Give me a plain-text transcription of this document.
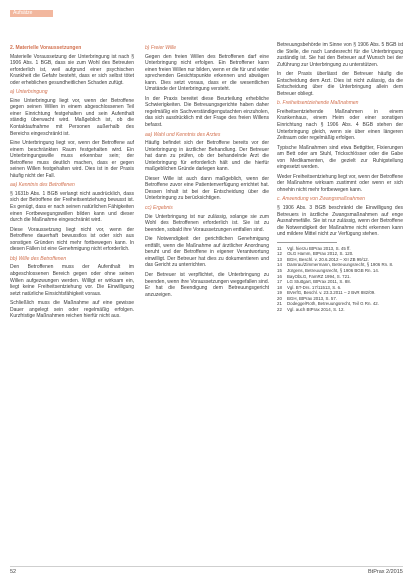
Aufsätze
2. Materielle Voraussetzungen

Materielle Voraussetzung der Unterbringung ist nach § 1906 Abs. 1 BGB, dass sie zum Wohl des Betreuten erforderlich ist, weil aufgrund einer psychischen Krankheit die Gefahr besteht, dass er sich selbst tötet oder erheblichen gesundheitlichen Schaden zufügt.

a) Unterbringung

Eine Unterbringung liegt vor, wenn der Betroffene gegen seinen Willen in einem abgeschlossenen Teil einer Einrichtung festgehalten und sein Aufenthalt ständig überwacht wird. Maßgeblich ist, ob die Kontaktaufnahme mit Personen außerhalb des Bereichs eingeschränkt ist.

Eine Unterbringung liegt vor, wenn der Betroffene auf einem beschränkten Raum festgehalten wird. Ein Unterbringungswille muss erkennbar sein; der Betroffene muss deutlich machen, dass er gegen seinen Willen festgehalten wird. Dies ist in der Praxis häufig nicht der Fall.

aa) Kenntnis des Betroffenen

§ 1631b Abs. 1 BGB verlangt nicht ausdrücklich, dass sich der Betroffene der Freiheitsentziehung bewusst ist. Es genügt, dass er nach seinen natürlichen Fähigkeiten einen Fortbewegungswillen bilden kann und dieser durch die Maßnahme eingeschränkt wird.

Diese Voraussetzung liegt nicht vor, wenn der Betroffene dauerhaft bewusstlos ist oder sich aus sonstigen Gründen nicht mehr fortbewegen kann. In diesen Fällen ist eine Genehmigung nicht erforderlich.

bb) Wille des Betroffenen

Den Betroffenen muss der Aufenthalt im abgeschlossenen Bereich gegen oder ohne seinen Willen aufgezwungen werden. Willigt er wirksam ein, liegt keine Freiheitsentziehung vor. Die Einwilligung setzt natürliche Einsichtsfähigkeit voraus.

Schließlich muss die Maßnahme auf eine gewisse Dauer angelegt sein oder regelmäßig erfolgen. Kurzfristige Maßnahmen reichen hierfür nicht aus.

b) Freier Wille

Gegen den freien Willen des Betroffenen darf eine Unterbringung nicht erfolgen. Ein Betroffener kann einen freien Willen nur bilden, wenn er die für und wider sprechenden Gesichtspunkte erkennen und abwägen kann. Dies setzt voraus, dass er die wesentlichen Umstände der Unterbringung versteht.

In der Praxis bereitet diese Beurteilung erhebliche Schwierigkeiten. Die Betreuungsgerichte haben daher regelmäßig ein Sachverständigengutachten einzuholen, das sich ausdrücklich mit der Frage des freien Willens befasst.

aa) Wahl und Kenntnis des Arztes

Häufig befindet sich der Betroffene bereits vor der Unterbringung in ärztlicher Behandlung. Der Betreuer hat dann zu prüfen, ob der behandelnde Arzt die Unterbringung für erforderlich hält und die hierfür maßgeblichen Gründe darlegen kann.

Dieser Wille ist auch dann maßgeblich, wenn der Betroffene zuvor eine Patientenverfügung errichtet hat. Dessen Inhalt ist bei der Entscheidung über die Unterbringung zu berücksichtigen.

cc) Ergebnis

Die Unterbringung ist nur zulässig, solange sie zum Wohl des Betroffenen erforderlich ist. Sie ist zu beenden, sobald ihre Voraussetzungen entfallen sind.

Die Notwendigkeit der gerichtlichen Genehmigung entfällt, wenn die Maßnahme auf ärztlicher Anordnung beruht und der Betroffene in eigener Verantwortung einwilligt. Der Betreuer hat dies zu dokumentieren und das Gericht zu unterrichten.

Der Betreuer ist verpflichtet, die Unterbringung zu beenden, wenn ihre Voraussetzungen weggefallen sind. Er hat die Beendigung dem Betreuungsgericht anzuzeigen.

Betreuungsbehörde im Sinne von § 1906 Abs. 5 BGB ist die Stelle, die nach Landesrecht für die Unterbringung zuständig ist. Sie hat den Betreuer auf Wunsch bei der Zuführung zur Unterbringung zu unterstützen.

In der Praxis überlässt der Betreuer häufig die Entscheidung dem Arzt. Dies ist nicht zulässig, da die Entscheidung über die Unterbringung allein dem Betreuer obliegt.

b. Freiheitsentziehende Maßnahmen

Freiheitsentziehende Maßnahmen in einem Krankenhaus, einem Heim oder einer sonstigen Einrichtung nach § 1906 Abs. 4 BGB stehen der Unterbringung gleich, wenn sie über einen längeren Zeitraum oder regelmäßig erfolgen.

Typische Maßnahmen sind etwa Bettgitter, Fixierungen am Bett oder am Stuhl, Trickschlösser oder die Gabe von Medikamenten, die gezielt zur Ruhigstellung eingesetzt werden.

Weder Freiheitsentziehung liegt vor, wenn der Betroffene der Maßnahme wirksam zustimmt oder wenn er sich ohnehin nicht mehr fortbewegen kann.

c. Anwendung von Zwangsmaßnahmen

§ 1906 Abs. 3 BGB beschränkt die Einwilligung des Betreuers in ärztliche Zwangsmaßnahmen auf enge Ausnahmefälle. Sie ist nur zulässig, wenn der Betroffene die Notwendigkeit der Maßnahme nicht erkennen kann und mildere Mittel nicht zur Verfügung stehen.

11	Vgl. hierzu BtPrax 2013, S. 45 ff.
12	OLG Hamm, BtPrax 2012, S. 120.
13	BGH, Beschl. v. 20.6.2012 – XII ZB 99/12.
14	Damrau/Zimmermann, Betreuungsrecht, § 1906 Rn. 8.
15	Jürgens, Betreuungsrecht, § 1906 BGB Rn. 14.
16	BayObLG, FamRZ 1994, S. 721.
17	LG Stuttgart, BtPrax 2011, S. 88.
18	Vgl. BT-Drs. 17/11513, S. 6.
19	BVerfG, Beschl. v. 23.3.2011 – 2 BvR 882/09.
20	BGH, BtPrax 2013, S. 57.
21	Dodegge/Roth, Betreuungsrecht, Teil G Rn. 42.
22	Vgl. auch BtPrax 2014, S. 12.
52	BtPrax 2/2015
